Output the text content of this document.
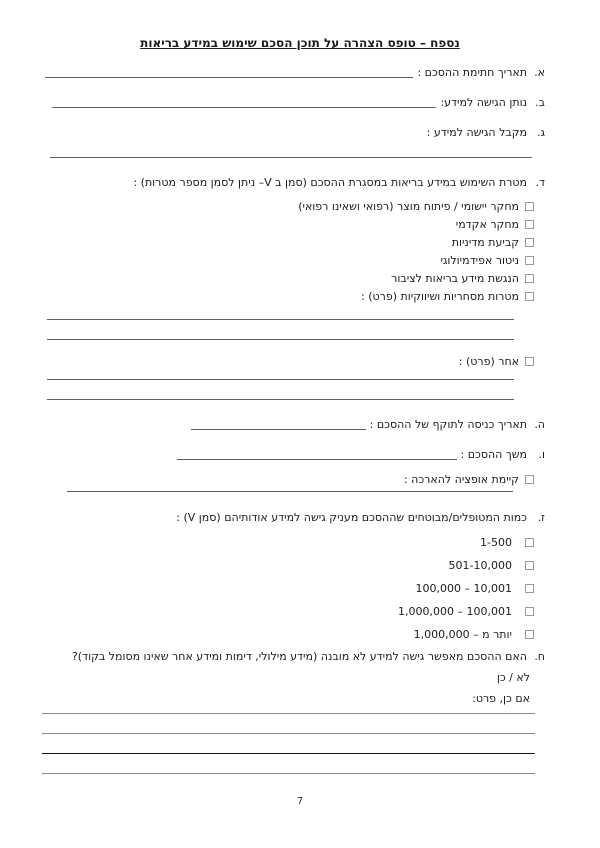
נספח – טופס הצהרה על תוכן הסכם שימוש במידע בריאות
א.
תאריך חתימת ההסכם :
ב.
נותן הגישה למידע:
ג.
מקבל הגישה למידע :
ד.
מטרת השימוש במידע בריאות במסגרת ההסכם (סמן ב V– ניתן לסמן מספר מטרות) :
מחקר יישומי / פיתוח מוצר (רפואי ושאינו רפואי)
מחקר אקדמי
קביעת מדיניות
ניטור אפידמיולוגי
הנגשת מידע בריאות לציבור
מטרות מסחריות ושיווקיות (פרט) :
אחר (פרט) :
ה.
תאריך כניסה לתוקף של ההסכם :
ו.
משך ההסכם :
קיימת אופציה להארכה :
ז.
כמות המטופלים/מבוטחים שההסכם מעניק גישה למידע אודותיהם (סמן V) :
1-500
501-10,000
100,000 – 10,001
1,000,000 – 100,001
יותר מ – 1,000,000
ח.
האם ההסכם מאפשר גישה למידע לא מובנה (מידע מילולי, דימות ומידע אחר שאינו מסומל בקוד)?
לא / כן
אם כן, פרט:
7
